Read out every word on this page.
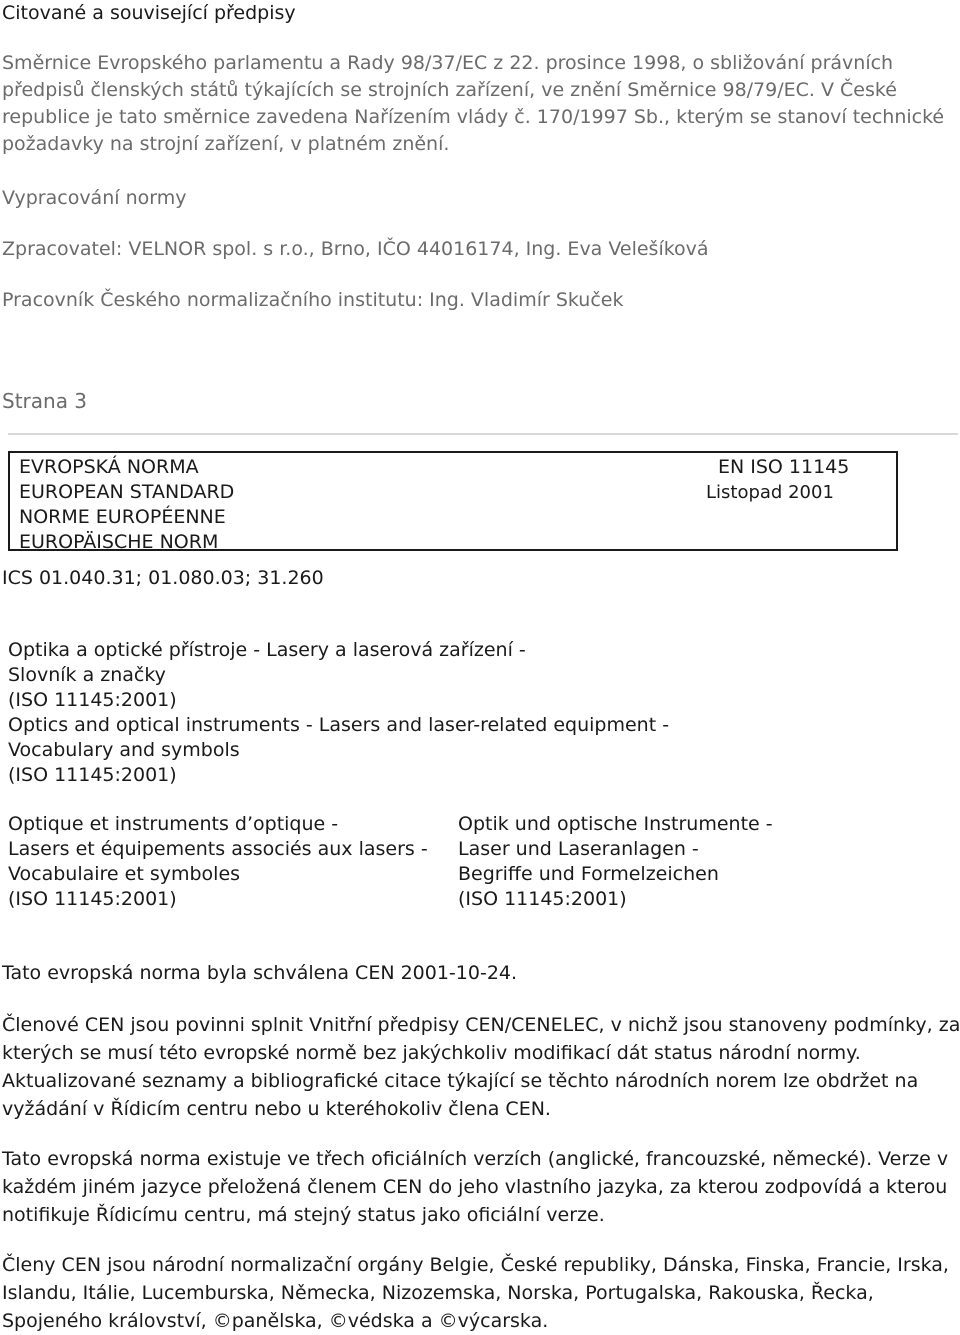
Citované a související předpisy
Směrnice Evropského parlamentu a Rady 98/37/EC z 22. prosince 1998, o sbližování právních
předpisů členských států týkajících se strojních zařízení, ve znění Směrnice 98/79/EC. V České
republice je tato směrnice zavedena Nařízením vlády č. 170/1997 Sb., kterým se stanoví technické
požadavky na strojní zařízení, v platném znění.
Vypracování normy
Zpracovatel: VELNOR spol. s r.o., Brno, IČO 44016174, Ing. Eva Velešíková
Pracovník Českého normalizačního institutu: Ing. Vladimír Skuček
Strana 3
EVROPSKÁ NORMA
EUROPEAN STANDARD
NORME EUROPÉENNE
EUROPÄISCHE NORM
EN ISO 11145
Listopad 2001
ICS 01.040.31; 01.080.03; 31.260
Optika a optické přístroje - Lasery a laserová zařízení -
Slovník a značky
(ISO 11145:2001)
Optics and optical instruments - Lasers and laser-related equipment -
Vocabulary and symbols
(ISO 11145:2001)
Optique et instruments d’optique -
Lasers et équipements associés aux lasers -
Vocabulaire et symboles
(ISO 11145:2001)
Optik und optische Instrumente -
Laser und Laseranlagen -
Begriffe und Formelzeichen
(ISO 11145:2001)
Tato evropská norma byla schválena CEN 2001-10-24.
Členové CEN jsou povinni splnit Vnitřní předpisy CEN/CENELEC, v nichž jsou stanoveny podmínky, za
kterých se musí této evropské normě bez jakýchkoliv modifikací dát status národní normy.
Aktualizované seznamy a bibliografické citace týkající se těchto národních norem lze obdržet na
vyžádání v Řídicím centru nebo u kteréhokoliv člena CEN.
Tato evropská norma existuje ve třech oficiálních verzích (anglické, francouzské, německé). Verze v
každém jiném jazyce přeložená členem CEN do jeho vlastního jazyka, za kterou zodpovídá a kterou
notifikuje Řídicímu centru, má stejný status jako oficiální verze.
Členy CEN jsou národní normalizační orgány Belgie, České republiky, Dánska, Finska, Francie, Irska,
Islandu, Itálie, Lucemburska, Německa, Nizozemska, Norska, Portugalska, Rakouska, Řecka,
Spojeného království, ©panělska, ©védska a ©výcarska.
